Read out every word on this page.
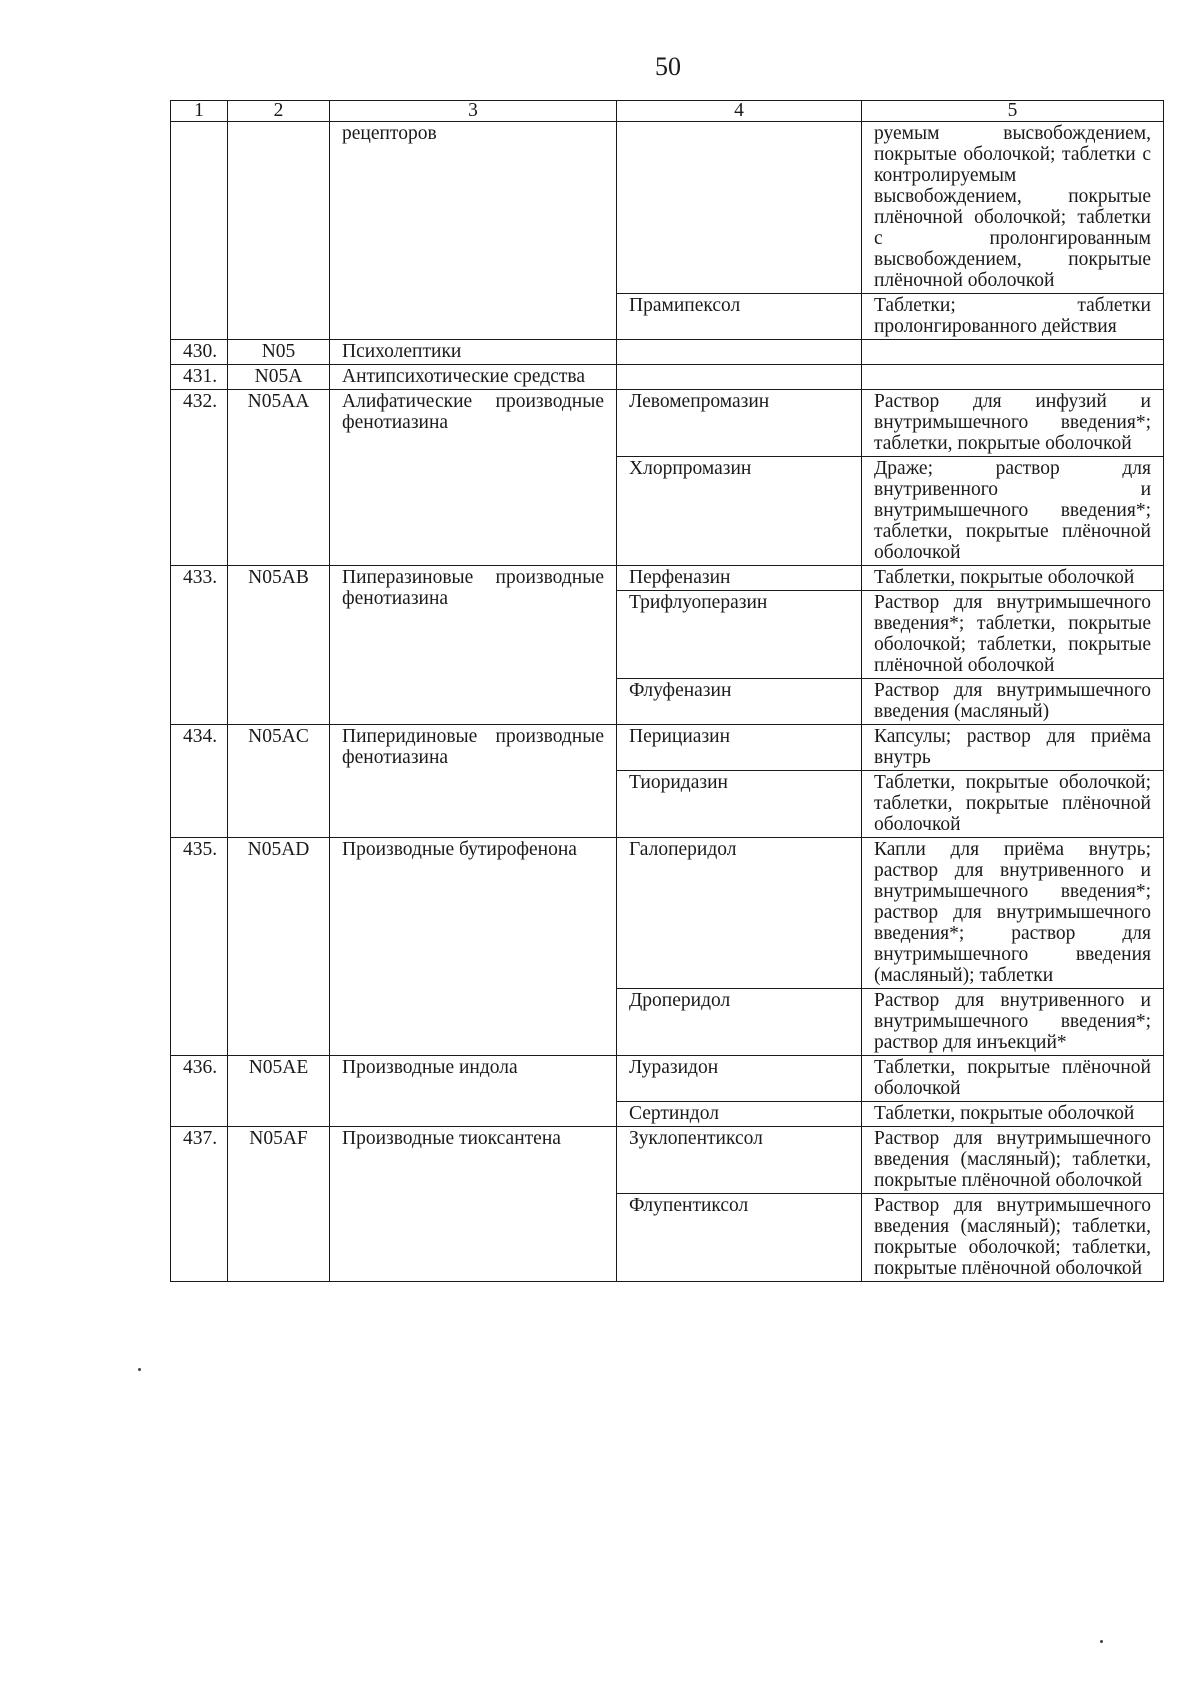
50
1	2	3	4	5
		рецепторов		руемым высвобождением, покрытые оболочкой; таблетки с контролируемым высвобождением, покрытые плёночной оболочкой; таблетки с пролонгированным высвобождением, покрытые плёночной оболочкой
			Прамипексол	Таблетки; таблетки пролонгированного действия
430.	N05	Психолептики		
431.	N05A	Антипсихотические средства		
432.	N05AA	Алифатические производные фенотиазина	Левомепромазин	Раствор для инфузий и внутримышечного введения*; таблетки, покрытые оболочкой
			Хлорпромазин	Драже; раствор для внутривенного и внутримышечного введения*; таблетки, покрытые плёночной оболочкой
433.	N05AB	Пиперазиновые производные фенотиазина	Перфеназин	Таблетки, покрытые оболочкой
			Трифлуоперазин	Раствор для внутримышечного введения*; таблетки, покрытые оболочкой; таблетки, покрытые плёночной оболочкой
			Флуфеназин	Раствор для внутримышечного введения (масляный)
434.	N05AC	Пиперидиновые производные фенотиазина	Перициазин	Капсулы; раствор для приёма внутрь
			Тиоридазин	Таблетки, покрытые оболочкой; таблетки, покрытые плёночной оболочкой
435.	N05AD	Производные бутирофенона	Галоперидол	Капли для приёма внутрь; раствор для внутривенного и внутримышечного введения*; раствор для внутримышечного введения*; раствор для внутримышечного введения (масляный); таблетки
			Дроперидол	Раствор для внутривенного и внутримышечного введения*; раствор для инъекций*
436.	N05AE	Производные индола	Луразидон	Таблетки, покрытые плёночной оболочкой
			Сертиндол	Таблетки, покрытые оболочкой
437.	N05AF	Производные тиоксантена	Зуклопентиксол	Раствор для внутримышечного введения (масляный); таблетки, покрытые плёночной оболочкой
			Флупентиксол	Раствор для внутримышечного введения (масляный); таблетки, покрытые оболочкой; таблетки, покрытые плёночной оболочкой
